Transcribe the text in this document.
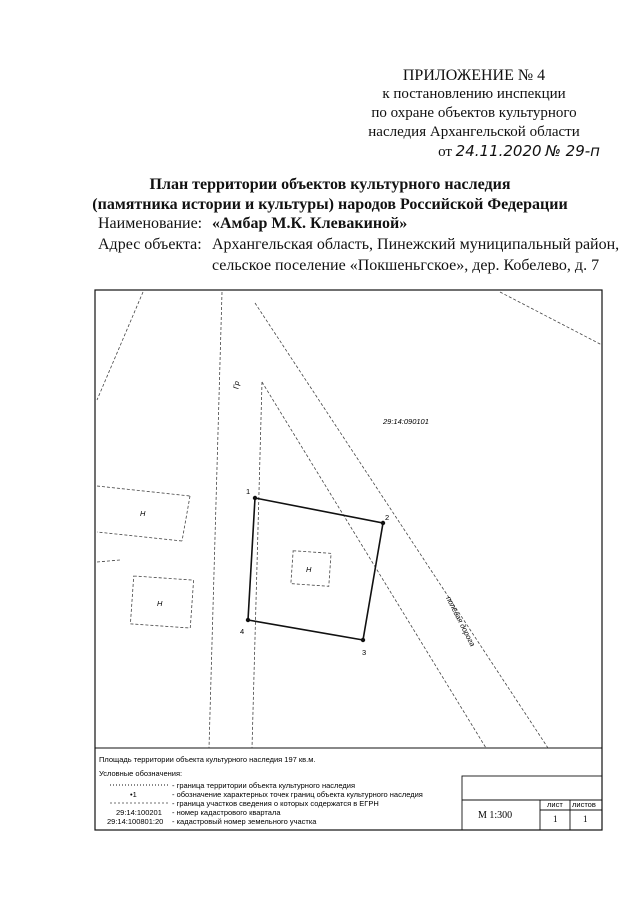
ПРИЛОЖЕНИЕ № 4
к постановлению инспекции
по охране объектов культурного
наследия Архангельской области
от 24.11.2020 № 29-п
План территории объектов культурного наследия
(памятника истории и культуры) народов Российской Федерации
Наименование: «Амбар М.К. Клевакиной»
Адрес объекта: Архангельская область, Пинежский муниципальный район,
сельское поселение «Покшеньгское», дер. Кобелево, д. 7
Н
Н
1
2
3
4
Н
Гр
29:14:090101
полевая дорога
Площадь территории объекта культурного наследия 197 кв.м.
Условные обозначения:
- граница территории объекта культурного наследия
•1	- обозначение характерных точек границ объекта культурного наследия
- граница участков сведения о которых содержатся в ЕГРН
29:14:100201 - номер кадастрового квартала
29:14:100801:20 - кадастровый номер земельного участка
М 1:300
лист листов
1	1
